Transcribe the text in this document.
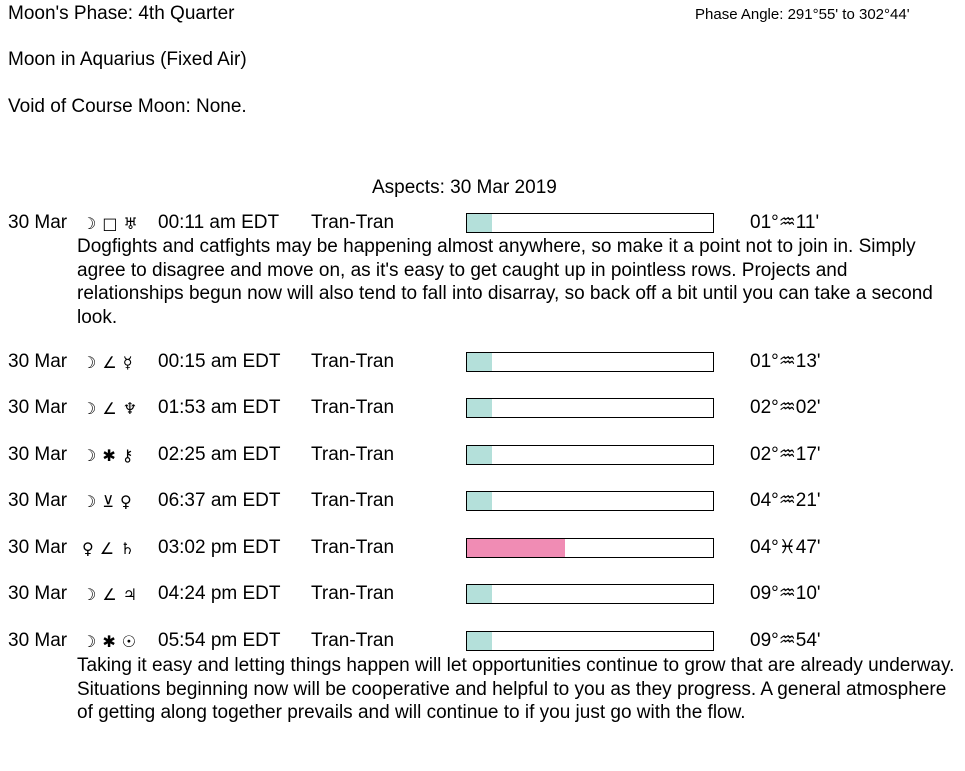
Moon's Phase: 4th Quarter	Phase Angle: 291°55' to 302°44'
Moon in Aquarius (Fixed Air)
Void of Course Moon: None.
Aspects: 30 Mar 2019
30 Mar ☽□♅ 00:11 am EDT Tran-Tran	01°♒11'
Dogfights and catfights may be happening almost anywhere, so make it a point not to join in. Simply agree to disagree and move on, as it's easy to get caught up in pointless rows. Projects and relationships begun now will also tend to fall into disarray, so back off a bit until you can take a second look.
30 Mar ☽∠☿ 00:15 am EDT Tran-Tran	01°♒13'
30 Mar ☽∠♆ 01:53 am EDT Tran-Tran	02°♒02'
30 Mar ☽✱⚷ 02:25 am EDT Tran-Tran	02°♒17'
30 Mar ☽⊻♀ 06:37 am EDT Tran-Tran	04°♒21'
30 Mar ♀∠♄ 03:02 pm EDT Tran-Tran	04°♓47'
30 Mar ☽∠♃ 04:24 pm EDT Tran-Tran	09°♒10'
30 Mar ☽✱☉ 05:54 pm EDT Tran-Tran	09°♒54'
Taking it easy and letting things happen will let opportunities continue to grow that are already underway. Situations beginning now will be cooperative and helpful to you as they progress. A general atmosphere of getting along together prevails and will continue to if you just go with the flow.
